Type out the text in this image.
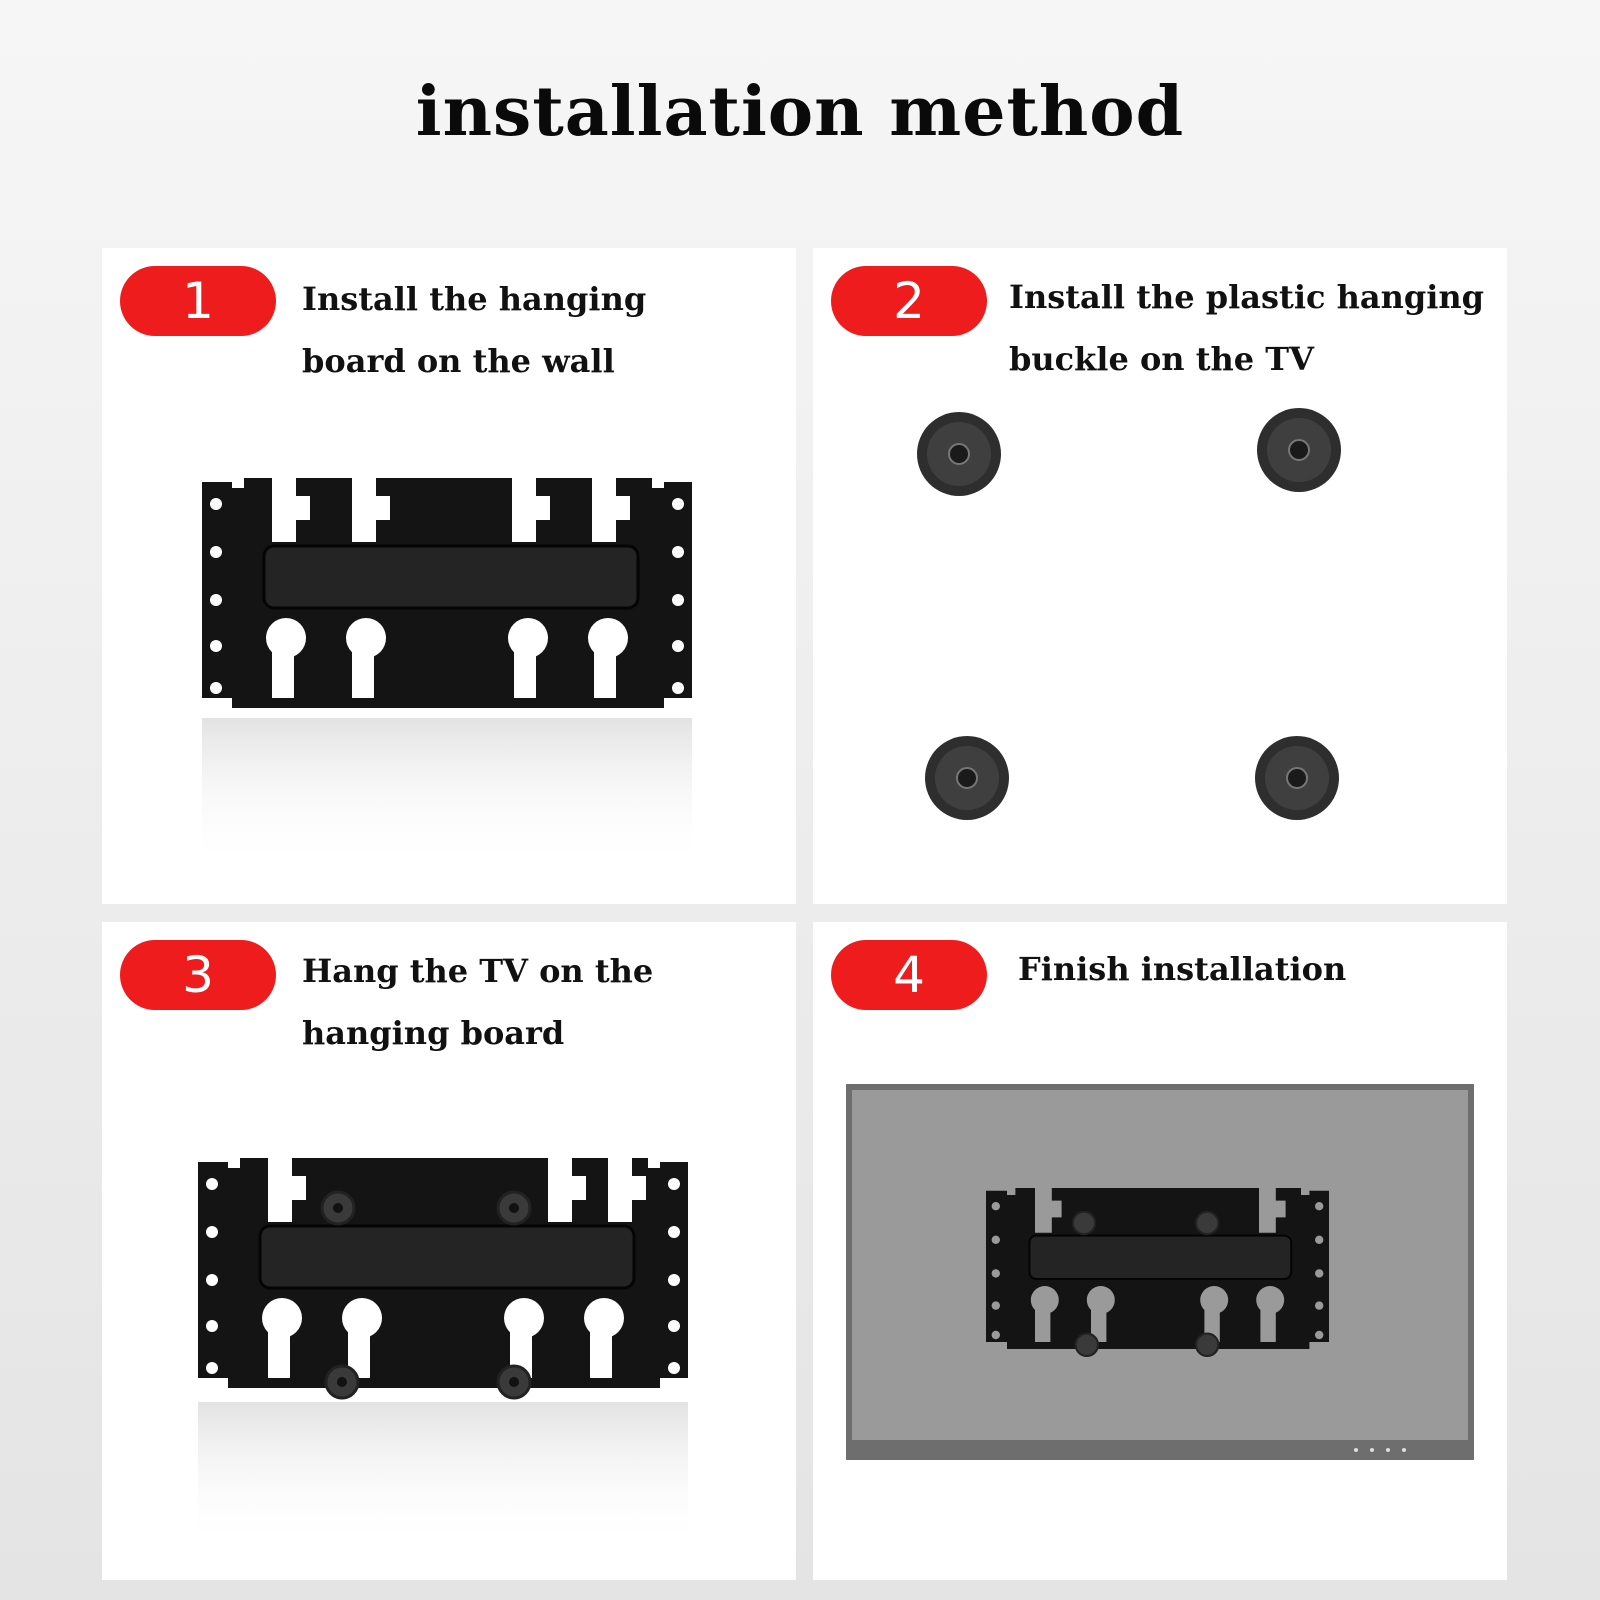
installation method
1	Install the hanging
board on the wall
2	Install the plastic hanging
buckle on the TV
3	Hang the TV on the
hanging board
4	Finish installation
